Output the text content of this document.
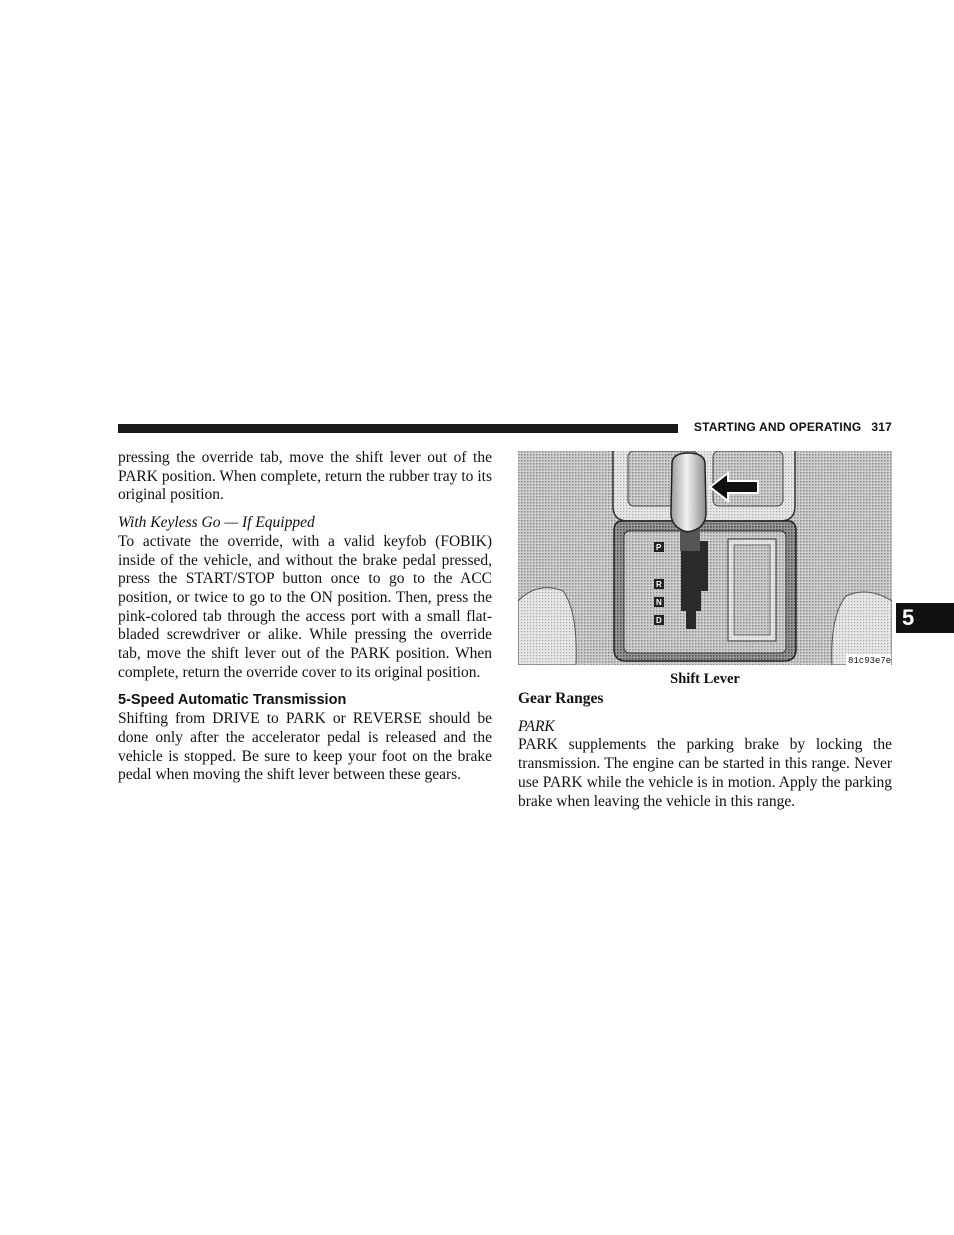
STARTING AND OPERATING 317
5

pressing the override tab, move the shift lever out of the PARK position. When complete, return the rubber tray to its original position.

With Keyless Go — If Equipped

To activate the override, with a valid keyfob (FOBIK) inside of the vehicle, and without the brake pedal pressed, press the START/STOP button once to go to the ACC position, or twice to go to the ON position. Then, press the pink-colored tab through the access port with a small flat-bladed screwdriver or alike. While pressing the override tab, move the shift lever out of the PARK position. When complete, return the override cover to its original position.

5-Speed Automatic Transmission

Shifting from DRIVE to PARK or REVERSE should be done only after the accelerator pedal is released and the vehicle is stopped. Be sure to keep your foot on the brake pedal when moving the shift lever between these gears.

P
R
N
D
81c93e7e
Shift Lever
Gear Ranges
PARK

PARK supplements the parking brake by locking the transmission. The engine can be started in this range. Never use PARK while the vehicle is in motion. Apply the parking brake when leaving the vehicle in this range.
